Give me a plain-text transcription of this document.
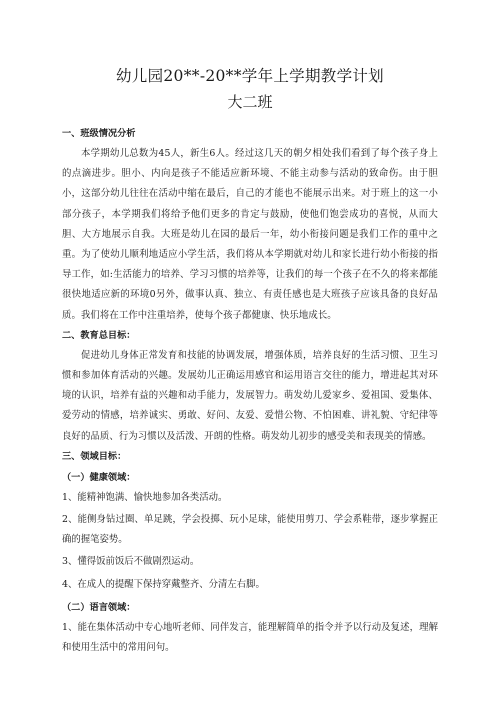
幼儿园20**-20**学年上学期教学计划
大二班
一、班级情况分析

本学期幼儿总数为45人，新生6人。经过这几天的朝夕相处我们看到了每个孩子身上的点滴进步。胆小、内向是孩子不能适应新环境、不能主动参与活动的致命伤。由于胆小，这部分幼儿往往在活动中缩在最后，自己的才能也不能展示出来。对于班上的这一小部分孩子，本学期我们将给予他们更多的肯定与鼓励，使他们饱尝成功的喜悦，从而大胆、大方地展示自我。大班是幼儿在园的最后一年，幼小衔接问题是我们工作的重中之重。为了使幼儿顺利地适应小学生活，我们将从本学期就对幼儿和家长进行幼小衔接的指导工作，如:生活能力的培养、学习习惯的培养等，让我们的每一个孩子在不久的将来都能很快地适应新的环境0另外，做事认真、独立、有责任感也是大班孩子应该具备的良好品质。我们将在工作中注重培养，使每个孩子都健康、快乐地成长。

二、教育总目标：

促进幼儿身体正常发育和技能的协调发展，增强体质，培养良好的生活习惯、卫生习惯和参加体育活动的兴趣。发展幼儿正确运用感官和运用语言交往的能力，增进起其对环境的认识，培养有益的兴趣和动手能力，发展智力。萌发幼儿爱家乡、爱祖国、爱集体、爱劳动的情感，培养诚实、勇敢、好问、友爱、爱惜公物、不怕困难、讲礼貌、守纪律等良好的品质、行为习惯以及活泼、开朗的性格。萌发幼儿初步的感受美和表现美的情感。

三、领域目标：
（一）健康领域：

1、能精神饱满、愉快地参加各类活动。

2、能侧身钻过圈、单足跳，学会投掷、玩小足球，能使用剪刀、学会系鞋带，逐步掌握正确的握笔姿势。

3、懂得饭前饭后不做剧烈运动。

4、在成人的提醒下保持穿戴整齐、分清左右脚。

（二）语言领域：

1、能在集体活动中专心地听老师、同伴发言，能理解简单的指令并予以行动及复述，理解和使用生活中的常用问句。
